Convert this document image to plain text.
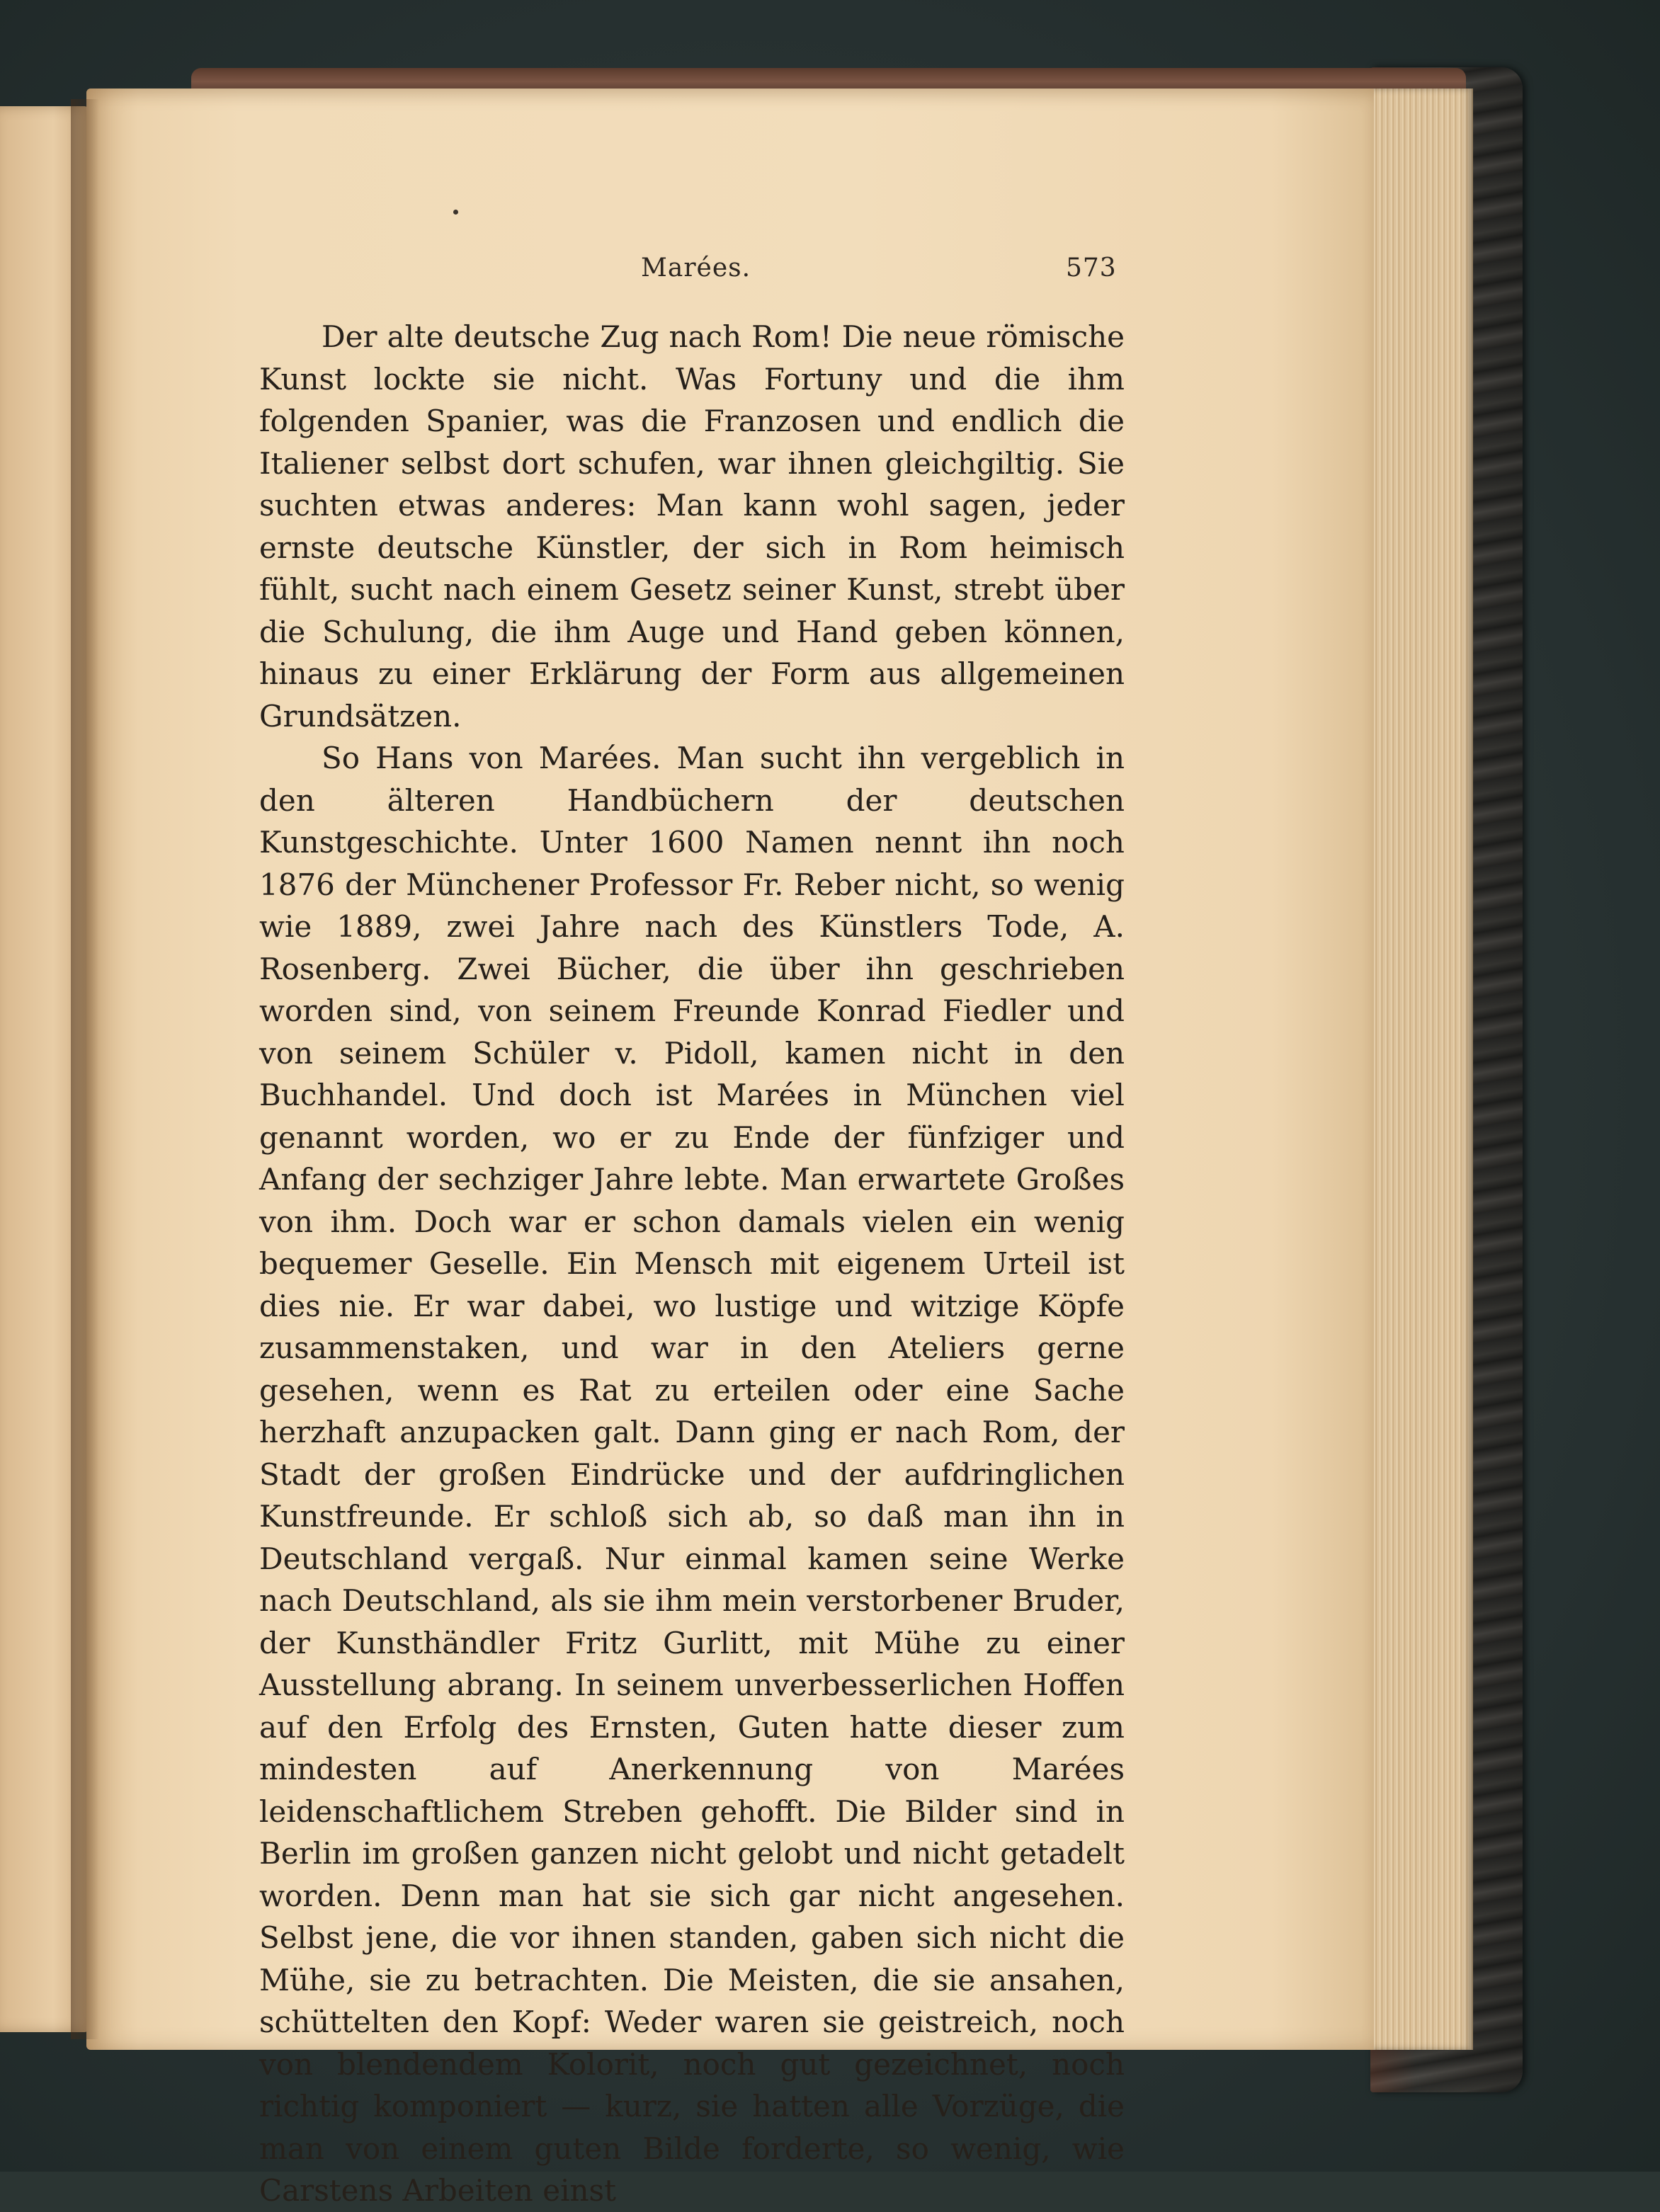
Marées.	573

Der alte deutsche Zug nach Rom! Die neue römische Kunst lockte sie nicht. Was Fortuny und die ihm folgenden Spanier, was die Franzosen und endlich die Italiener selbst dort schufen, war ihnen gleichgiltig. Sie suchten etwas anderes: Man kann wohl sagen, jeder ernste deutsche Künstler, der sich in Rom heimisch fühlt, sucht nach einem Gesetz seiner Kunst, strebt über die Schulung, die ihm Auge und Hand geben können, hinaus zu einer Erklärung der Form aus allgemeinen Grundsätzen.

So Hans von Marées. Man sucht ihn vergeblich in den älteren Handbüchern der deutschen Kunstgeschichte. Unter 1600 Namen nennt ihn noch 1876 der Münchener Professor Fr. Reber nicht, so wenig wie 1889, zwei Jahre nach des Künstlers Tode, A. Rosenberg. Zwei Bücher, die über ihn geschrieben worden sind, von seinem Freunde Konrad Fiedler und von seinem Schüler v. Pidoll, kamen nicht in den Buchhandel. Und doch ist Marées in München viel genannt worden, wo er zu Ende der fünfziger und Anfang der sechziger Jahre lebte. Man erwartete Großes von ihm. Doch war er schon damals vielen ein wenig bequemer Geselle. Ein Mensch mit eigenem Urteil ist dies nie. Er war dabei, wo lustige und witzige Köpfe zusammenstaken, und war in den Ateliers gerne gesehen, wenn es Rat zu erteilen oder eine Sache herzhaft anzupacken galt. Dann ging er nach Rom, der Stadt der großen Eindrücke und der aufdringlichen Kunstfreunde. Er schloß sich ab, so daß man ihn in Deutschland vergaß. Nur einmal kamen seine Werke nach Deutschland, als sie ihm mein verstorbener Bruder, der Kunsthändler Fritz Gurlitt, mit Mühe zu einer Ausstellung abrang. In seinem unverbesserlichen Hoffen auf den Erfolg des Ernsten, Guten hatte dieser zum mindesten auf Anerkennung von Marées leidenschaftlichem Streben gehofft. Die Bilder sind in Berlin im großen ganzen nicht gelobt und nicht getadelt worden. Denn man hat sie sich gar nicht angesehen. Selbst jene, die vor ihnen standen, gaben sich nicht die Mühe, sie zu betrachten. Die Meisten, die sie ansahen, schüttelten den Kopf: Weder waren sie geistreich, noch von blendendem Kolorit, noch gut gezeichnet, noch richtig komponiert — kurz, sie hatten alle Vorzüge, die man von einem guten Bilde forderte, so wenig, wie Carstens Arbeiten einst
